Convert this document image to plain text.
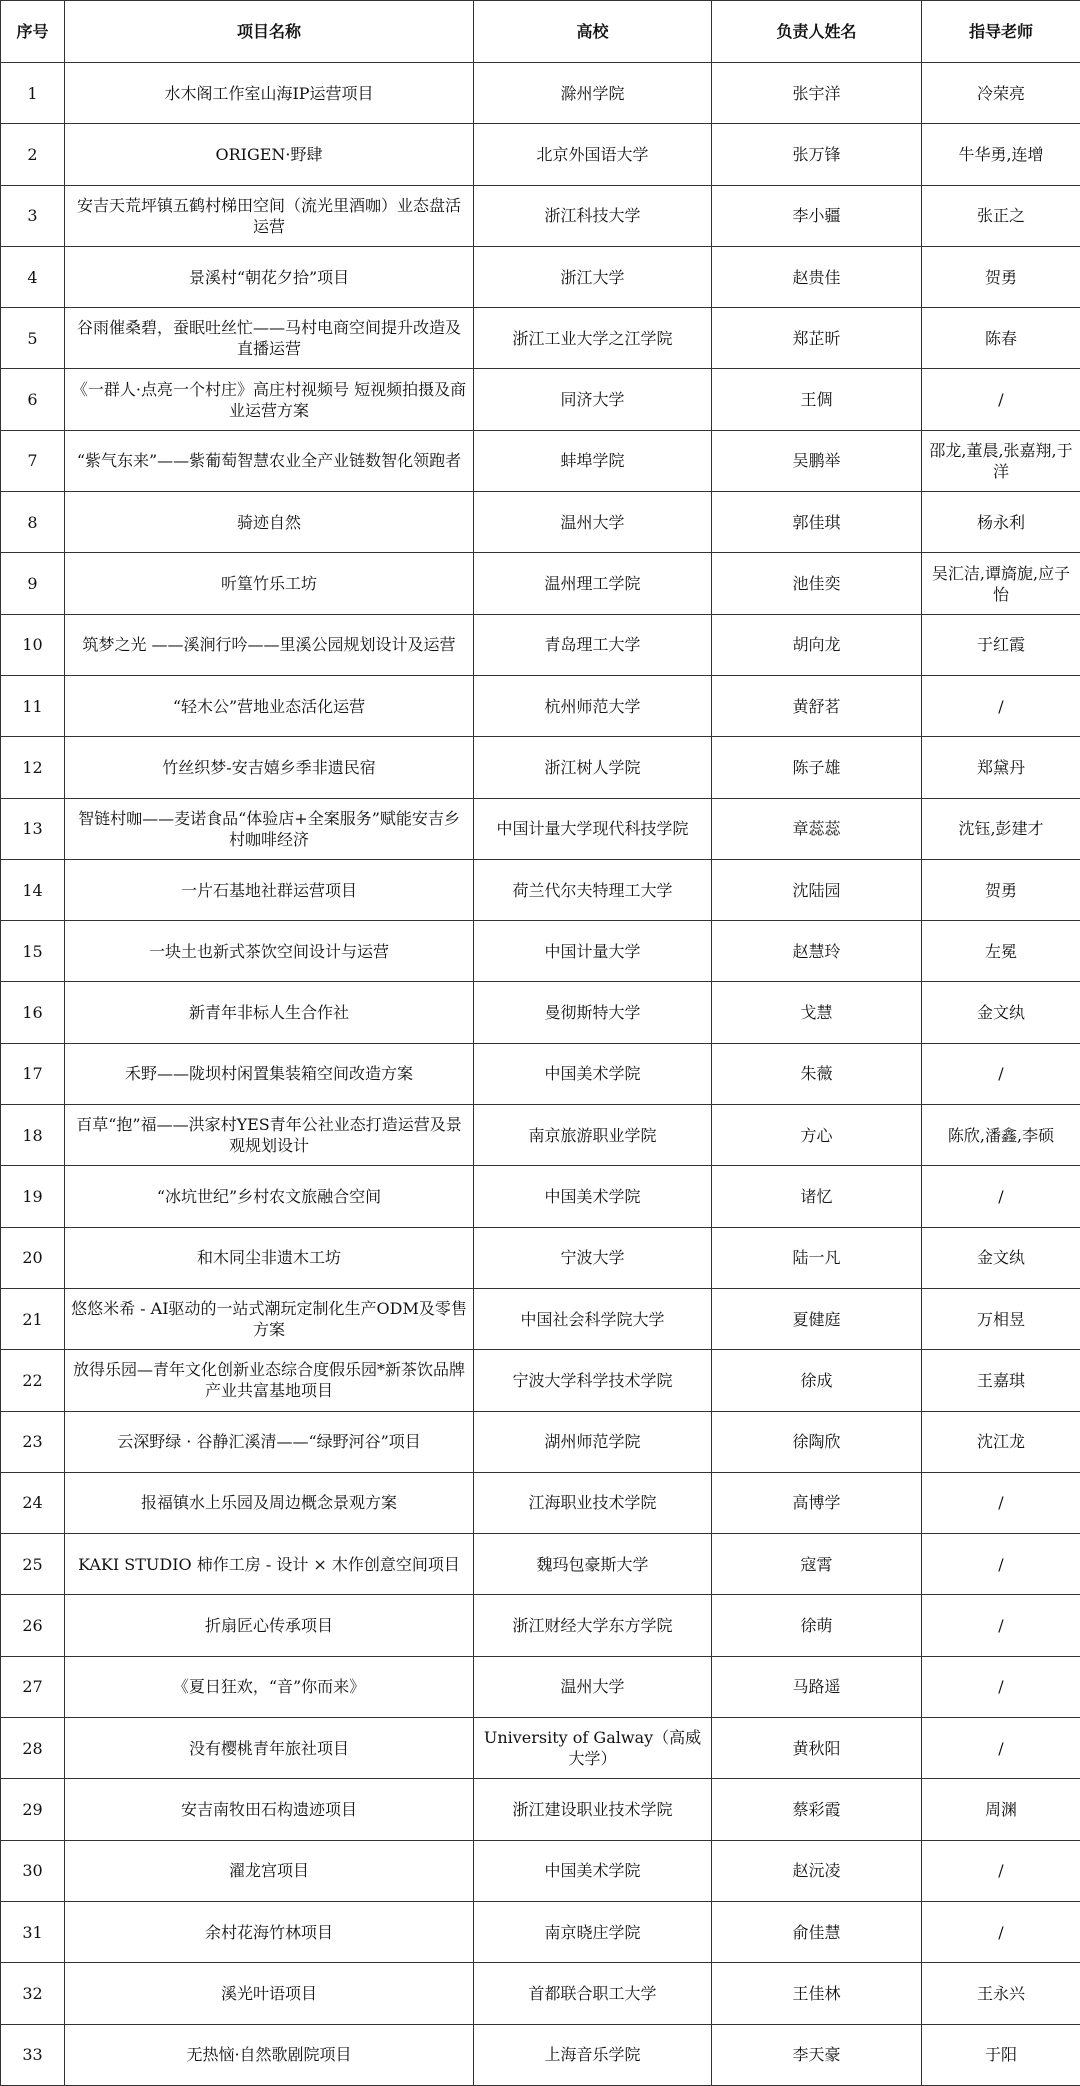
序号	项目名称	高校	负责人姓名	指导老师
1	水木阁工作室山海IP运营项目	滁州学院	张宇洋	冷荣亮
2	ORIGEN·野肆	北京外国语大学	张万锋	牛华勇,连增
3	安吉天荒坪镇五鹤村梯田空间（流光里酒咖）业态盘活运营	浙江科技大学	李小疆	张正之
4	景溪村“朝花夕拾”项目	浙江大学	赵贵佳	贺勇
5	谷雨催桑碧，蚕眠吐丝忙——马村电商空间提升改造及直播运营	浙江工业大学之江学院	郑芷昕	陈春
6	《一群人·点亮一个村庄》高庄村视频号 短视频拍摄及商业运营方案	同济大学	王倜	/
7	“紫气东来”——紫葡萄智慧农业全产业链数智化领跑者	蚌埠学院	吴鹏举	邵龙,董晨,张嘉翔,于洋
8	骑迹自然	温州大学	郭佳琪	杨永利
9	听篁竹乐工坊	温州理工学院	池佳奕	吴汇洁,谭旖旎,应子怡
10	筑梦之光 ——溪涧行吟——里溪公园规划设计及运营	青岛理工大学	胡向龙	于红霞
11	“轻木公”营地业态活化运营	杭州师范大学	黄舒茗	/
12	竹丝织梦-安吉嬉乡季非遗民宿	浙江树人学院	陈子雄	郑黛丹
13	智链村咖——麦诺食品“体验店+全案服务”赋能安吉乡村咖啡经济	中国计量大学现代科技学院	章蕊蕊	沈钰,彭建才
14	一片石基地社群运营项目	荷兰代尔夫特理工大学	沈陆园	贺勇
15	一块土也新式茶饮空间设计与运营	中国计量大学	赵慧玲	左冕
16	新青年非标人生合作社	曼彻斯特大学	戈慧	金文纨
17	禾野——陇坝村闲置集装箱空间改造方案	中国美术学院	朱薇	/
18	百草“抱”福——洪家村YES青年公社业态打造运营及景观规划设计	南京旅游职业学院	方心	陈欣,潘鑫,李硕
19	“冰坑世纪”乡村农文旅融合空间	中国美术学院	诸忆	/
20	和木同尘非遗木工坊	宁波大学	陆一凡	金文纨
21	悠悠米希 - AI驱动的一站式潮玩定制化生产ODM及零售方案	中国社会科学院大学	夏健庭	万相昱
22	放得乐园—青年文化创新业态综合度假乐园*新茶饮品牌产业共富基地项目	宁波大学科学技术学院	徐成	王嘉琪
23	云深野绿 · 谷静汇溪清——“绿野河谷”项目	湖州师范学院	徐陶欣	沈江龙
24	报福镇水上乐园及周边概念景观方案	江海职业技术学院	高博学	/
25	KAKI STUDIO 柿作工房 - 设计 × 木作创意空间项目	魏玛包豪斯大学	寇霄	/
26	折扇匠心传承项目	浙江财经大学东方学院	徐萌	/
27	《夏日狂欢，“音”你而来》	温州大学	马路遥	/
28	没有樱桃青年旅社项目	University of Galway（高威大学）	黄秋阳	/
29	安吉南牧田石构遗迹项目	浙江建设职业技术学院	蔡彩霞	周渊
30	濯龙宫项目	中国美术学院	赵沅凌	/
31	余村花海竹林项目	南京晓庄学院	俞佳慧	/
32	溪光叶语项目	首都联合职工大学	王佳林	王永兴
33	无热恼·自然歌剧院项目	上海音乐学院	李天豪	于阳
